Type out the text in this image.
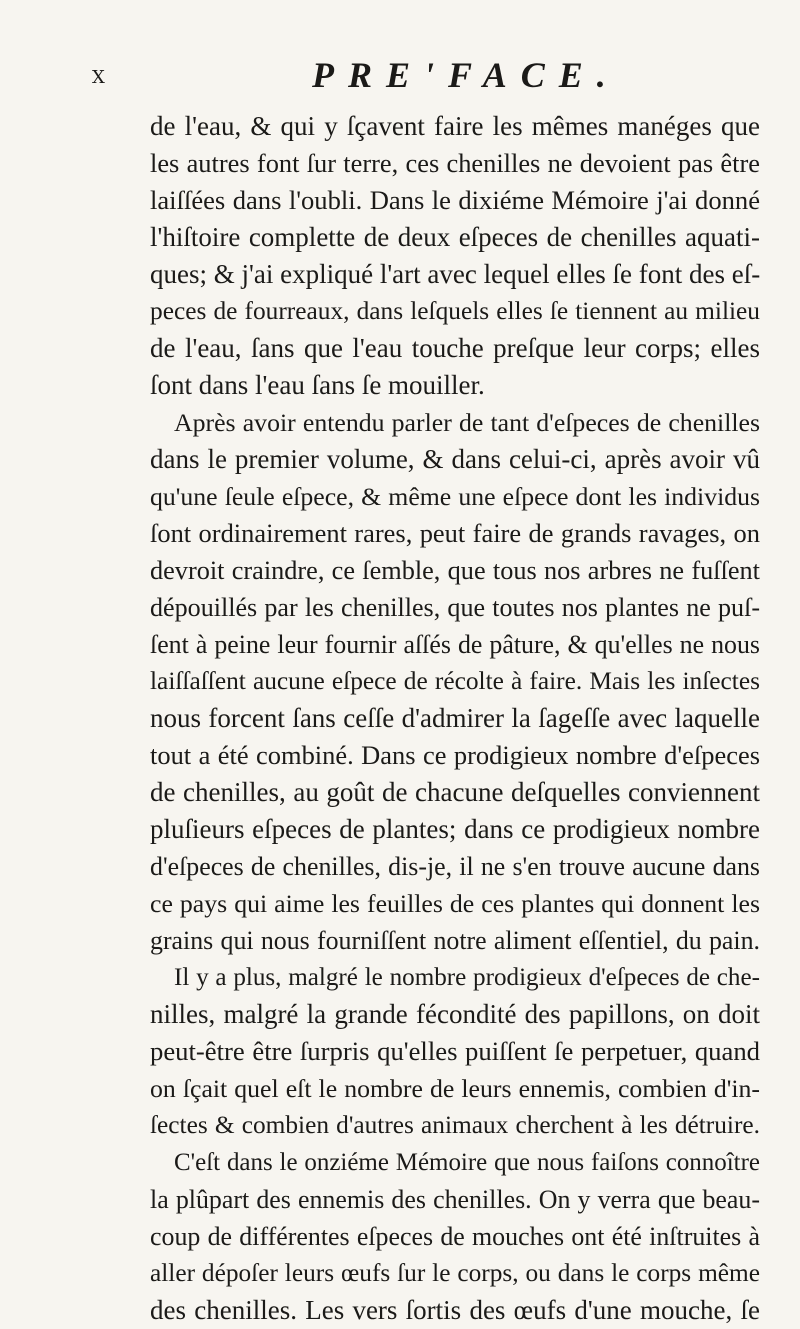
x	PRE'FACE.
de l'eau, & qui y ſçavent faire les mêmes manéges que
les autres font ſur terre, ces chenilles ne devoient pas être
laiſſées dans l'oubli. Dans le dixiéme Mémoire j'ai donné
l'hiſtoire complette de deux eſpeces de chenilles aquati-
ques; & j'ai expliqué l'art avec lequel elles ſe font des eſ-
peces de fourreaux, dans leſquels elles ſe tiennent au milieu
de l'eau, ſans que l'eau touche preſque leur corps; elles
ſont dans l'eau ſans ſe mouiller.
Après avoir entendu parler de tant d'eſpeces de chenilles
dans le premier volume, & dans celui-ci, après avoir vû
qu'une ſeule eſpece, & même une eſpece dont les individus
ſont ordinairement rares, peut faire de grands ravages, on
devroit craindre, ce ſemble, que tous nos arbres ne fuſſent
dépouillés par les chenilles, que toutes nos plantes ne puſ-
ſent à peine leur fournir aſſés de pâture, & qu'elles ne nous
laiſſaſſent aucune eſpece de récolte à faire. Mais les inſectes
nous forcent ſans ceſſe d'admirer la ſageſſe avec laquelle
tout a été combiné. Dans ce prodigieux nombre d'eſpeces
de chenilles, au goût de chacune deſquelles conviennent
pluſieurs eſpeces de plantes; dans ce prodigieux nombre
d'eſpeces de chenilles, dis-je, il ne s'en trouve aucune dans
ce pays qui aime les feuilles de ces plantes qui donnent les
grains qui nous fourniſſent notre aliment eſſentiel, du pain.
Il y a plus, malgré le nombre prodigieux d'eſpeces de che-
nilles, malgré la grande fécondité des papillons, on doit
peut-être être ſurpris qu'elles puiſſent ſe perpetuer, quand
on ſçait quel eſt le nombre de leurs ennemis, combien d'in-
ſectes & combien d'autres animaux cherchent à les détruire.
C'eſt dans le onziéme Mémoire que nous faiſons connoître
la plûpart des ennemis des chenilles. On y verra que beau-
coup de différentes eſpeces de mouches ont été inſtruites à
aller dépoſer leurs œufs ſur le corps, ou dans le corps même
des chenilles. Les vers ſortis des œufs d'une mouche, ſe
